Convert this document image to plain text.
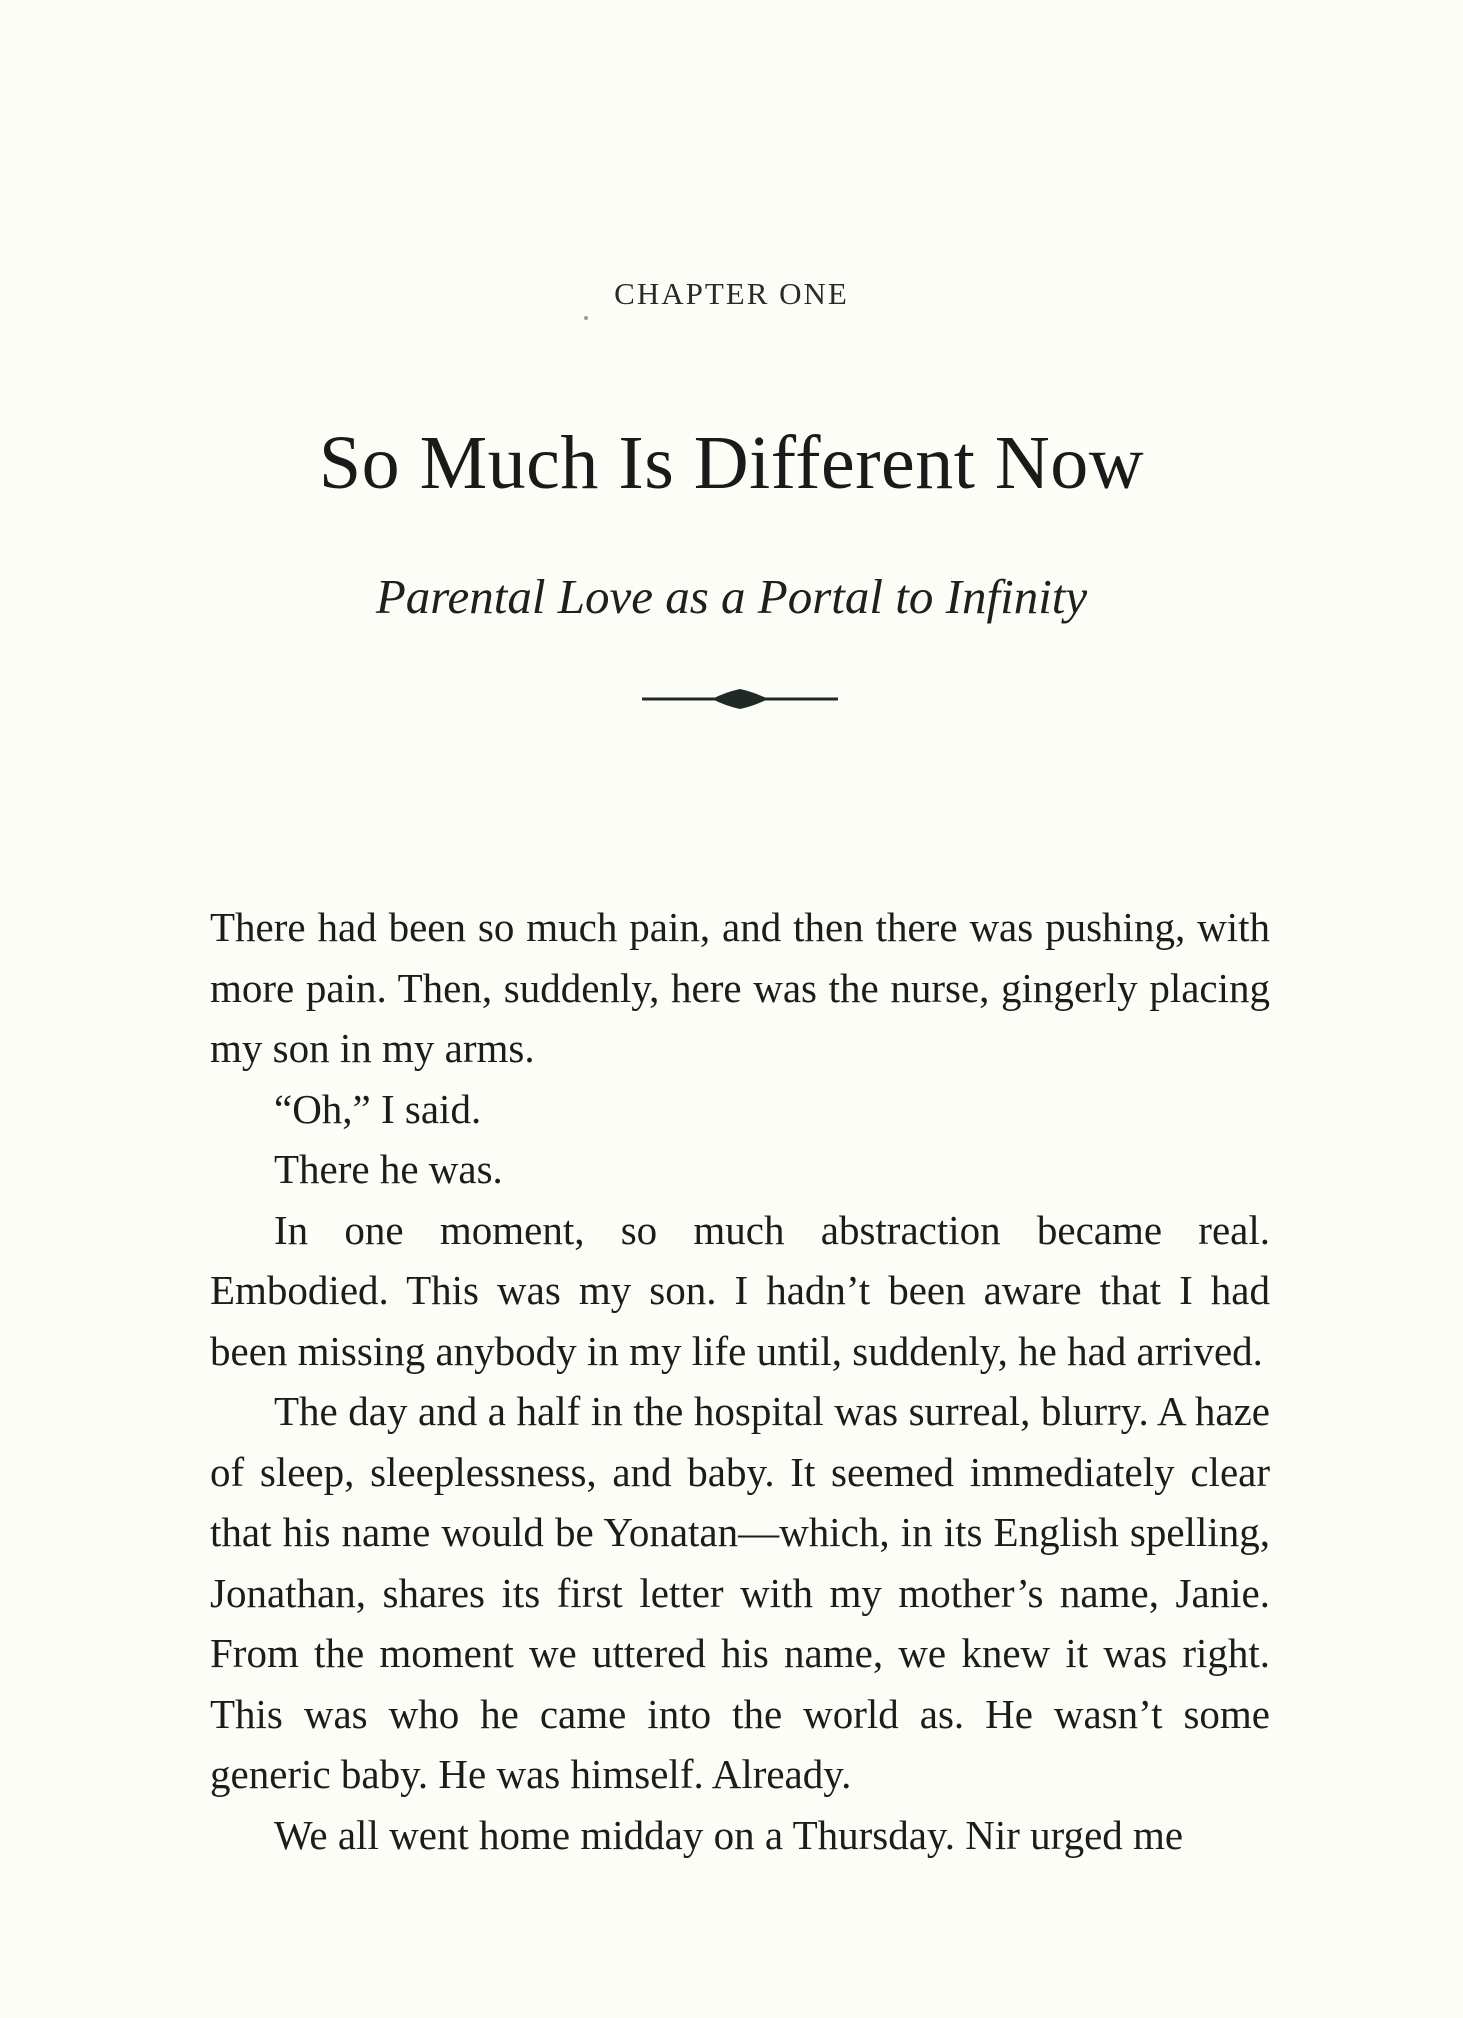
CHAPTER ONE
So Much Is Different Now
Parental Love as a Portal to Infinity

There had been so much pain, and then there was pushing, with more pain. Then, suddenly, here was the nurse, gingerly placing my son in my arms.

“Oh,” I said.

There he was.

In one moment, so much abstraction became real. Embodied. This was my son. I hadn’t been aware that I had been missing anybody in my life until, suddenly, he had arrived.

The day and a half in the hospital was surreal, blurry. A haze of sleep, sleeplessness, and baby. It seemed immediately clear that his name would be Yonatan—which, in its English spelling, Jonathan, shares its first letter with my mother’s name, Janie. From the moment we uttered his name, we knew it was right. This was who he came into the world as. He wasn’t some generic baby. He was himself. Already.

We all went home midday on a Thursday. Nir urged me
